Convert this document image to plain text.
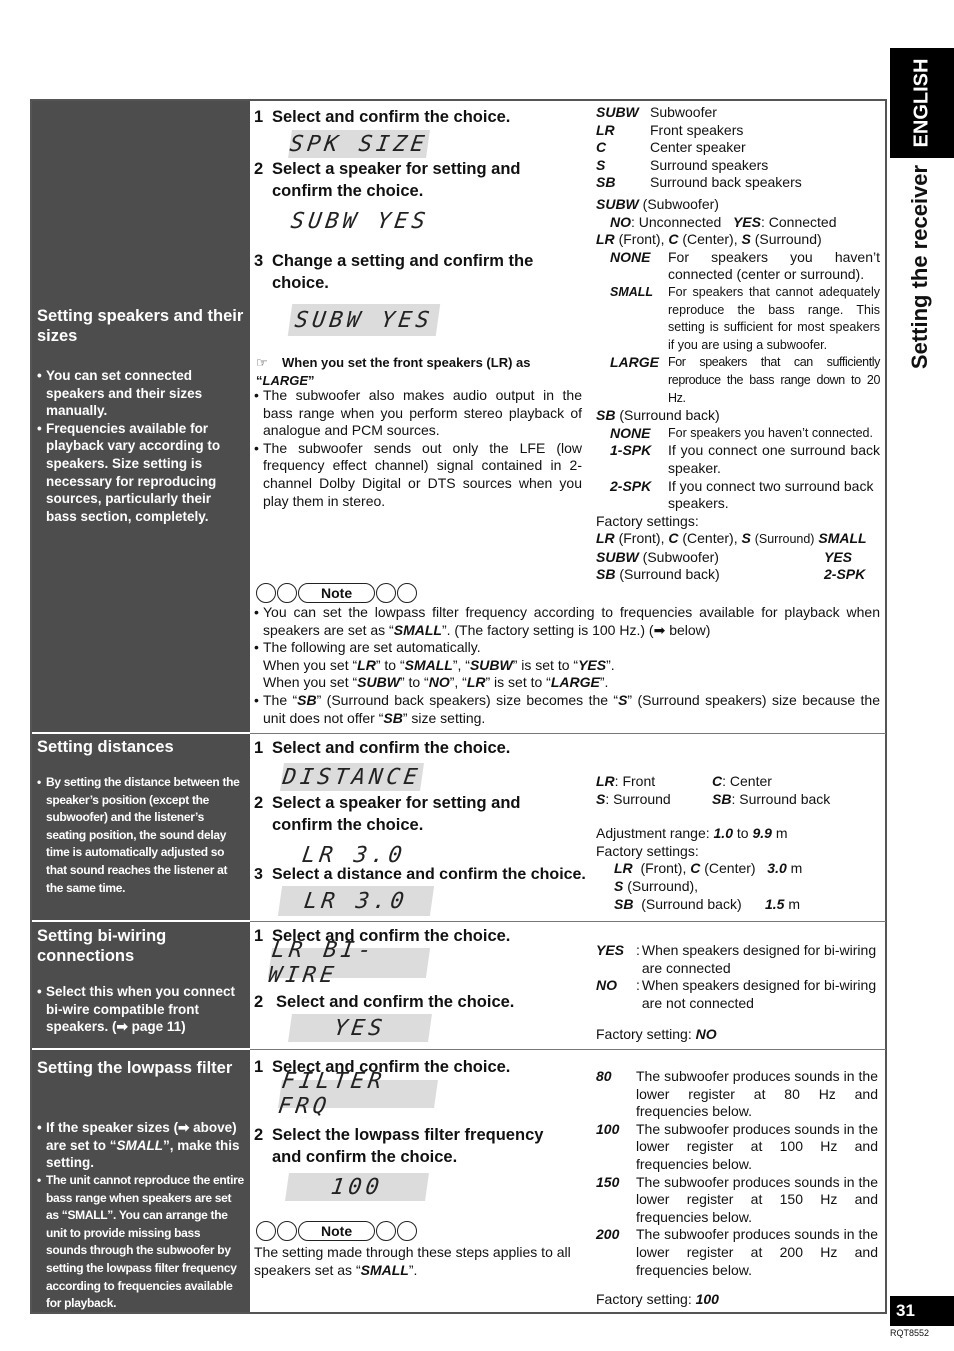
ENGLISH
Setting the receiver
31
RQT8552
Setting speakers and their sizes
• You can set connected speakers and their sizes manually.
• Frequencies available for playback vary according to speakers. Size setting is necessary for reproducing sources, particularly their bass section, completely.
Setting distances
• By setting the distance between the speaker’s position (except the subwoofer) and the listener’s seating position, the sound delay time is automatically adjusted so that sound reaches the listener at the same time.
Setting bi-wiring connections
• Select this when you connect bi-wire compatible front speakers. (➡ page 11)
Setting the lowpass filter
• If the speaker sizes (➡ above) are set to “SMALL”, make this setting.
• The unit cannot reproduce the entire bass range when speakers are set as “SMALL”. You can arrange the unit to provide missing bass sounds through the subwoofer by setting the lowpass filter frequency according to frequencies available for playback.
1 Select and confirm the choice.
SPK SIZE
2 Select a speaker for setting and confirm the choice.
SUBW YES
3 Change a setting and confirm the choice.
SUBW YES
☞ When you set the front speakers (LR) as “LARGE”
• The subwoofer also makes audio output in the bass range when you perform stereo playback of analogue and PCM sources.
• The subwoofer sends out only the LFE (low frequency effect channel) signal contained in 2-channel Dolby Digital or DTS sources when you play them in stereo.
SUBW Subwoofer
LR	Front speakers
C	Center speaker
S	Surround speakers
SB	Surround back speakers
SUBW (Subwoofer)
NO: Unconnected YES: Connected
LR (Front), C (Center), S (Surround)
NONE	For speakers you haven’t connected (center or surround).
SMALL	For speakers that cannot adequately reproduce the bass range. This setting is sufficient for most speakers if you are using a subwoofer.
LARGE For speakers that can sufficiently reproduce the bass range down to 20 Hz.
SB (Surround back)
NONE	For speakers you haven’t connected.
1-SPK	If you connect one surround back speaker.
2-SPK	If you connect two surround back speakers.
Factory settings:
LR (Front), C (Center), S (Surround) SMALL
SUBW (Subwoofer)	YES
SB (Surround back)	2-SPK
Note
• You can set the lowpass filter frequency according to frequencies available for playback when speakers are set as “SMALL”. (The factory setting is 100 Hz.) (➡ below)
• The following are set automatically.
When you set “LR” to “SMALL”, “SUBW” is set to “YES”.
When you set “SUBW” to “NO”, “LR” is set to “LARGE”.
• The “SB” (Surround back speakers) size becomes the “S” (Surround speakers) size because the unit does not offer “SB” size setting.
1 Select and confirm the choice.
DISTANCE
2 Select a speaker for setting and confirm the choice.
LR 3.0
3 Select a distance and confirm the choice.
LR 3.0
LR: Front	C: Center
S: Surround	SB: Surround back
Adjustment range: 1.0 to 9.9 m
Factory settings:
LR (Front), C (Center) 3.0 m
S (Surround),
SB (Surround back) 1.5 m
1 Select and confirm the choice.
LR BI-WIRE
2 Select and confirm the choice.
YES
YES : When speakers designed for bi-wiring are connected
NO	: When speakers designed for bi-wiring are not connected
Factory setting: NO
1 Select and confirm the choice.
FILTER FRQ
2 Select the lowpass filter frequency and confirm the choice.
100
Note
The setting made through these steps applies to all speakers set as “SMALL”.
80	The subwoofer produces sounds in the lower register at 80 Hz and frequencies below.
100	The subwoofer produces sounds in the lower register at 100 Hz and frequencies below.
150	The subwoofer produces sounds in the lower register at 150 Hz and frequencies below.
200	The subwoofer produces sounds in the lower register at 200 Hz and frequencies below.
Factory setting: 100
